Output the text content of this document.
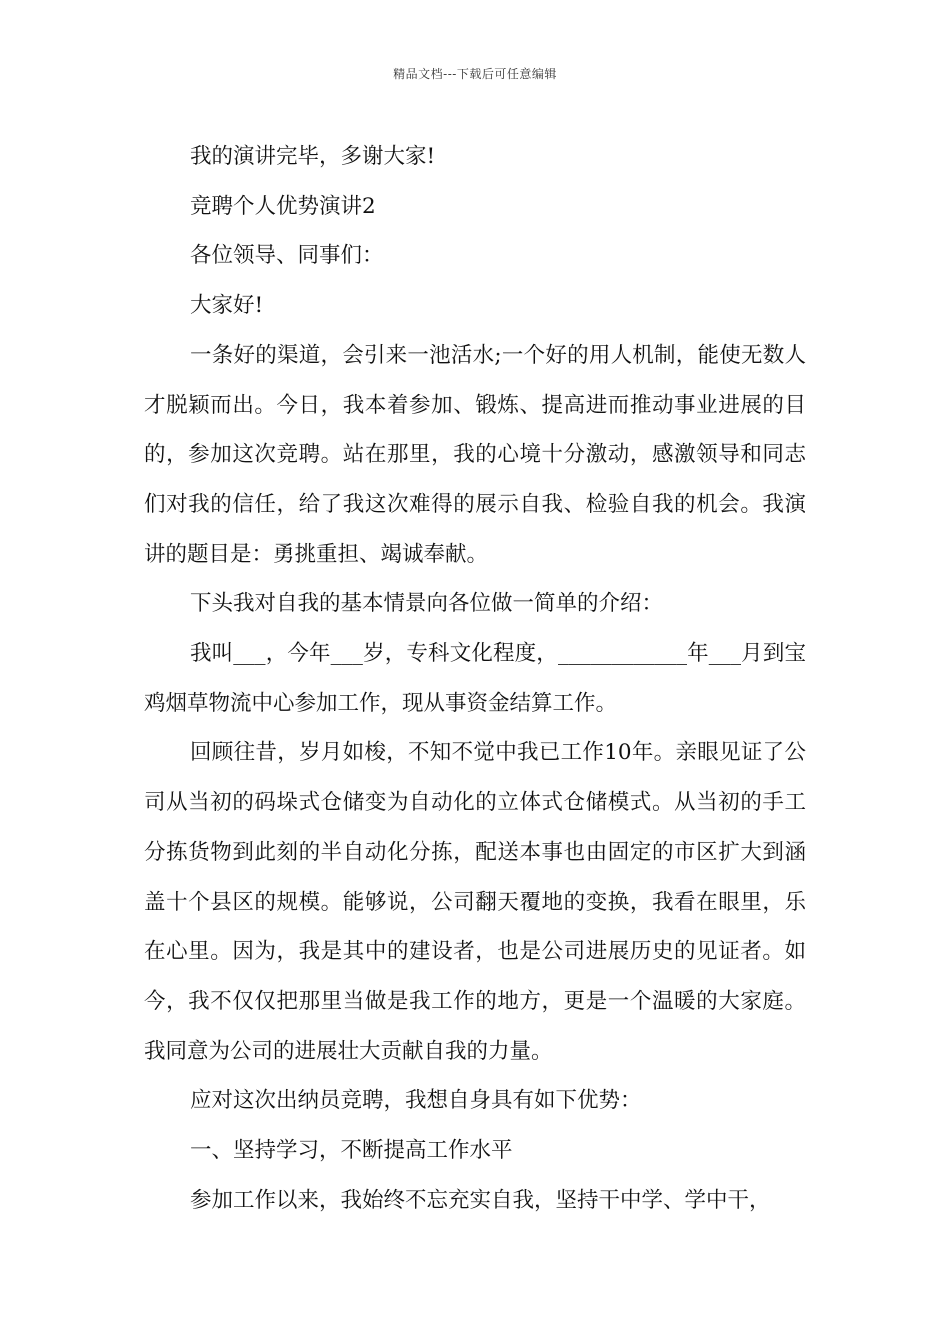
精品文档---下载后可任意编辑

我的演讲完毕，多谢大家!

竞聘个人优势演讲2

各位领导、同事们：

大家好!

一条好的渠道，会引来一池活水;一个好的用人机制，能使无数人才脱颖而出。今日，我本着参加、锻炼、提高进而推动事业进展的目的，参加这次竞聘。站在那里，我的心境十分激动，感激领导和同志们对我的信任，给了我这次难得的展示自我、检验自我的机会。我演讲的题目是：勇挑重担、竭诚奉献。

下头我对自我的基本情景向各位做一简单的介绍：

我叫___，今年___岁，专科文化程度，____________年___月到宝鸡烟草物流中心参加工作，现从事资金结算工作。

回顾往昔，岁月如梭，不知不觉中我已工作10年。亲眼见证了公司从当初的码垛式仓储变为自动化的立体式仓储模式。从当初的手工分拣货物到此刻的半自动化分拣，配送本事也由固定的市区扩大到涵盖十个县区的规模。能够说，公司翻天覆地的变换，我看在眼里，乐在心里。因为，我是其中的建设者，也是公司进展历史的见证者。如今，我不仅仅把那里当做是我工作的地方，更是一个温暖的大家庭。我同意为公司的进展壮大贡献自我的力量。

应对这次出纳员竞聘，我想自身具有如下优势：

一、坚持学习，不断提高工作水平

参加工作以来，我始终不忘充实自我，坚持干中学、学中干，
